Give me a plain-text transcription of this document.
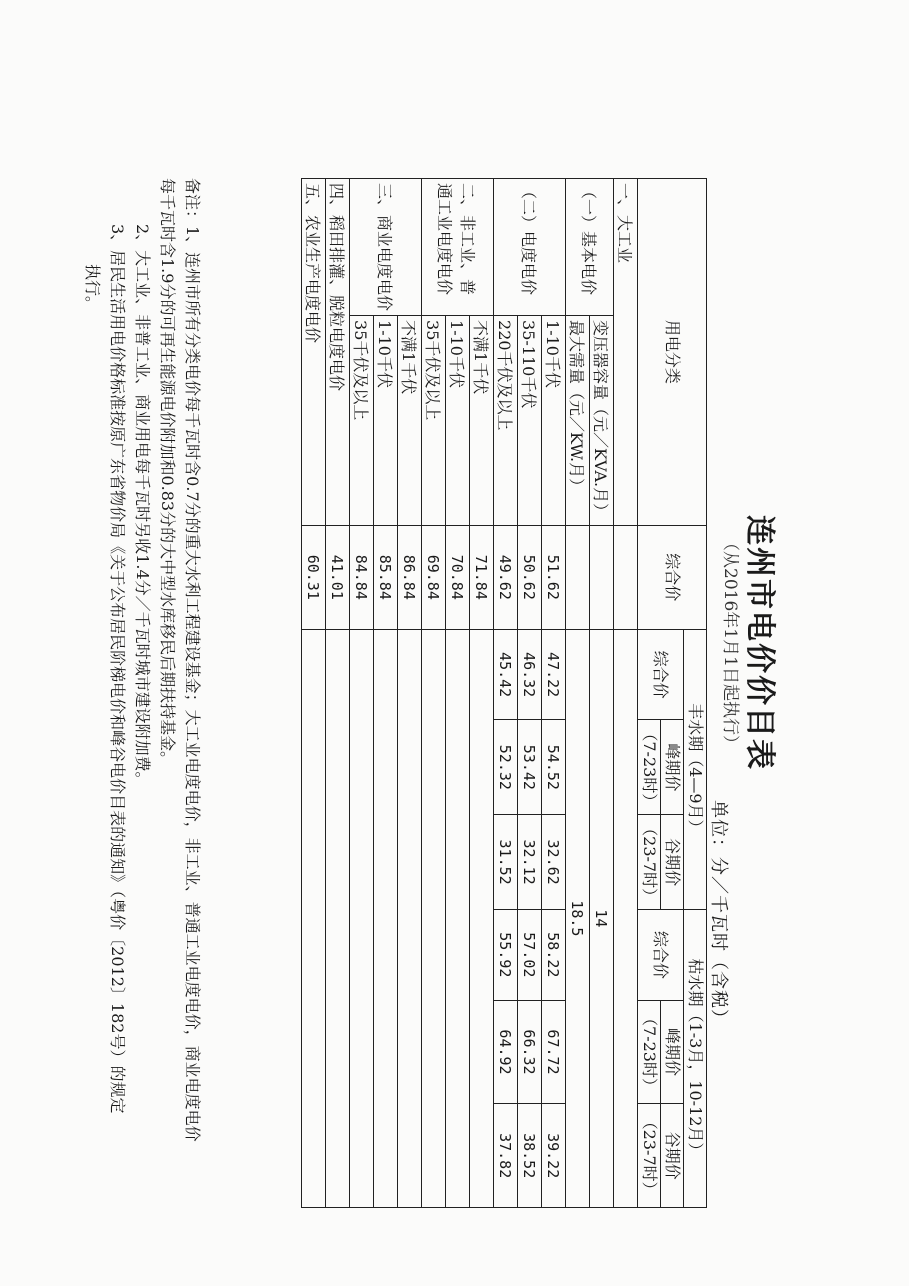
连州市电价价目表
（从2016年1月1日起执行）
单位：分／千瓦时（含税）
用电分类		综合价	丰水期（4—9月）			枯水期（1-3月，10-12月）		
			综合价	峰期价	谷期价	综合价	峰期价	谷期价
				（7-23时）	（23-7时）		（7-23时）	（23-7时）
一、大工业								
（一）基本电价	变压器容量（元／KVA.月）		14					
	最大需量（元／KW.月）		18.5					
（二）电度电价	1-10千伏	51.62	47.22	54.52	32.62	58.22	67.72	39.22
	35-110千伏	50.62	46.32	53.42	32.12	57.02	66.32	38.52
	220千伏及以上	49.62	45.42	52.32	31.52	55.92	64.92	37.82

二、非工业、普
通工业电度电价	不满1千伏	71.84						
	1-10千伏	70.84						
	35千伏及以上	69.84						
三、商业电度电价	不满1千伏	86.84						
	1-10千伏	85.84						
	35千伏及以上	84.84						
四、稻田排灌、脱粒电度电价		41.01						
五、农业生产电度电价		60.31						
备注：1、连州市所有分类电价每千瓦时含0.7分的重大水利工程建设基金；大工业电度电价，非工业、普通工业电度电价，商业电度电价
每千瓦时含1.9分的可再生能源电价附加和0.83分的大中型水库移民后期扶持基金。
2、大工业、非普工业、商业用电每千瓦时另收1.4分／千瓦时城市建设附加费。
3、居民生活用电价格标准按原广东省物价局《关于公布居民阶梯电价和峰谷电价目表的通知》（粤价〔2012〕182号）的规定
执行。
